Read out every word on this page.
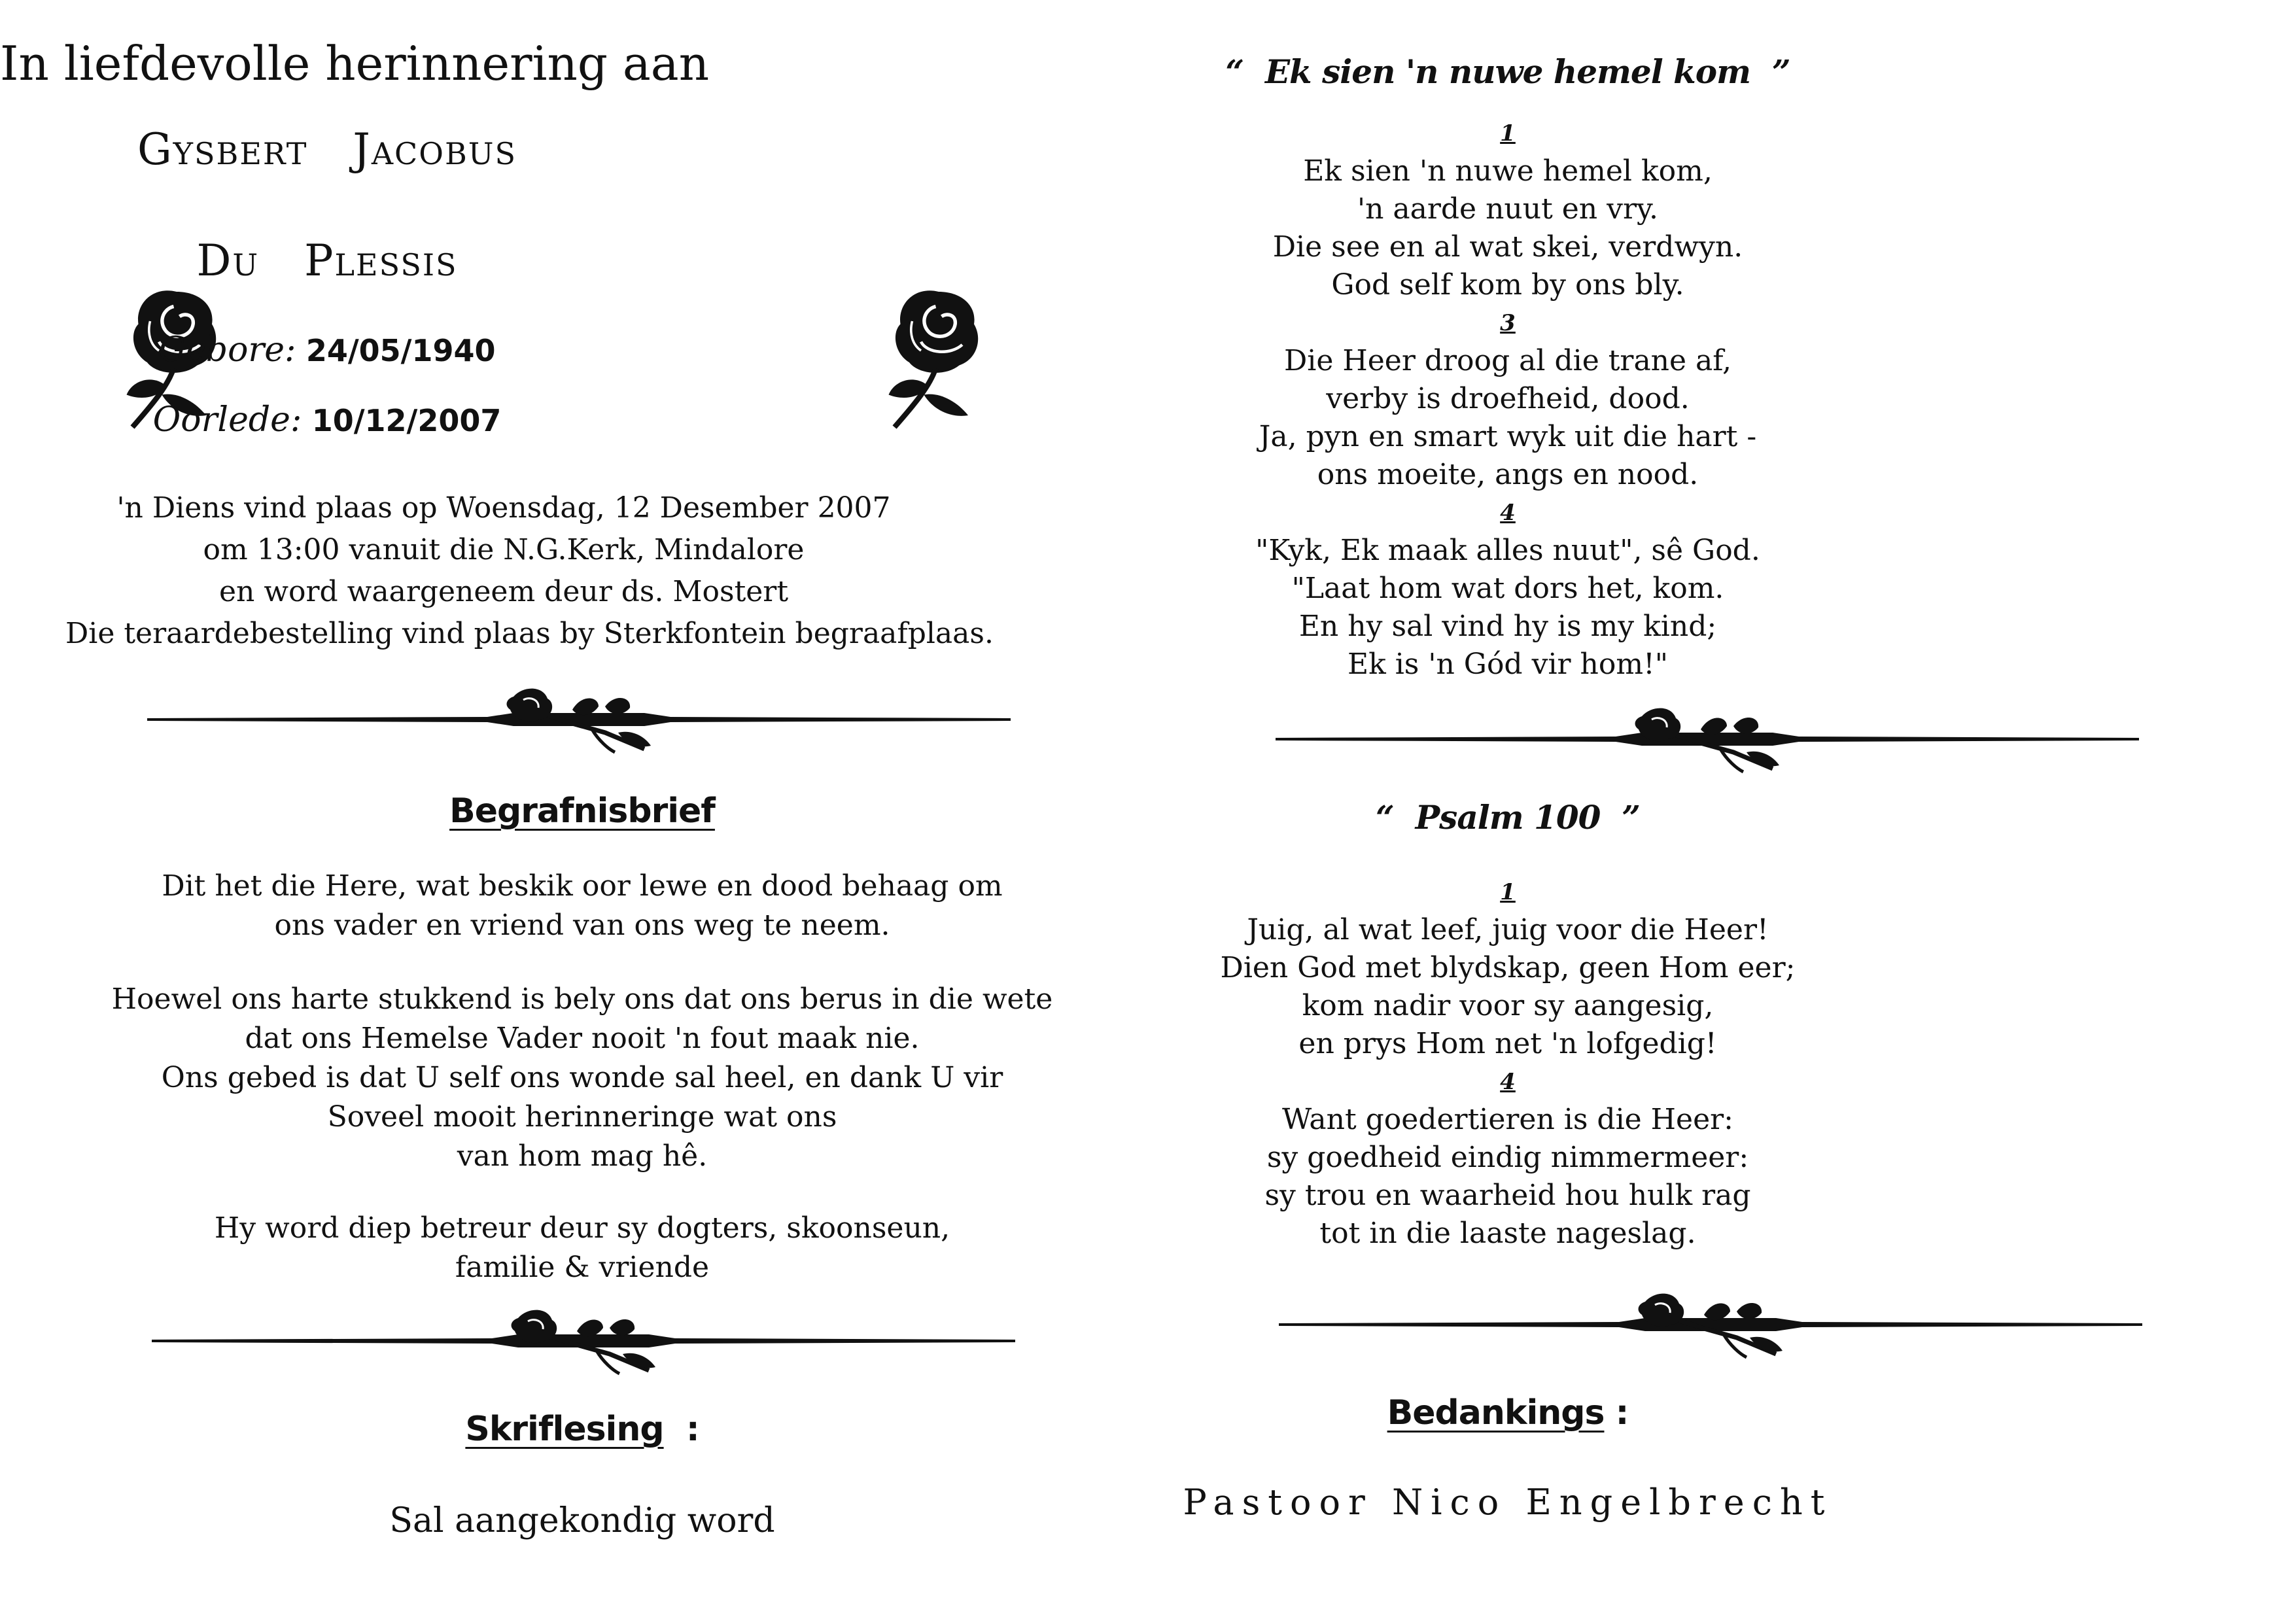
In liefdevolle herinnering aan
Gysbert   Jacobus
Du   Plessis
Gebore: 24/05/1940
Oorlede: 10/12/2007
'n Diens vind plaas op Woensdag, 12 Desember 2007
om 13:00 vanuit die N.G.Kerk, Mindalore
en word waargeneem deur ds. Mostert
Die teraardebestelling vind plaas by Sterkfontein begraafplaas.
Begrafnisbrief
Dit het die Here, wat beskik oor lewe en dood behaag om
ons vader en vriend van ons weg te neem.
Hoewel ons harte stukkend is bely ons dat ons berus in die wete
dat ons Hemelse Vader nooit 'n fout maak nie.
Ons gebed is dat U self ons wonde sal heel, en dank U vir
Soveel mooit herinneringe wat ons
van hom mag hê.
Hy word diep betreur deur sy dogters, skoonseun,
familie & vriende
Skriflesing :
Sal aangekondig word
“  Ek sien 'n nuwe hemel kom  ”
1
Ek sien 'n nuwe hemel kom,
'n aarde nuut en vry.
Die see en al wat skei, verdwyn.
God self kom by ons bly.
3
Die Heer droog al die trane af,
verby is droefheid, dood.
Ja, pyn en smart wyk uit die hart -
ons moeite, angs en nood.
4
"Kyk, Ek maak alles nuut", sê God.
"Laat hom wat dors het, kom.
En hy sal vind hy is my kind;
Ek is 'n Gód vir hom!"
“  Psalm 100  ”
1
Juig, al wat leef, juig voor die Heer!
Dien God met blydskap, geen Hom eer;
kom nadir voor sy aangesig,
en prys Hom net 'n lofgedig!
4
Want goedertieren is die Heer:
sy goedheid eindig nimmermeer:
sy trou en waarheid hou hulk rag
tot in die laaste nageslag.
Bedankings :
Pastoor Nico Engelbrecht
